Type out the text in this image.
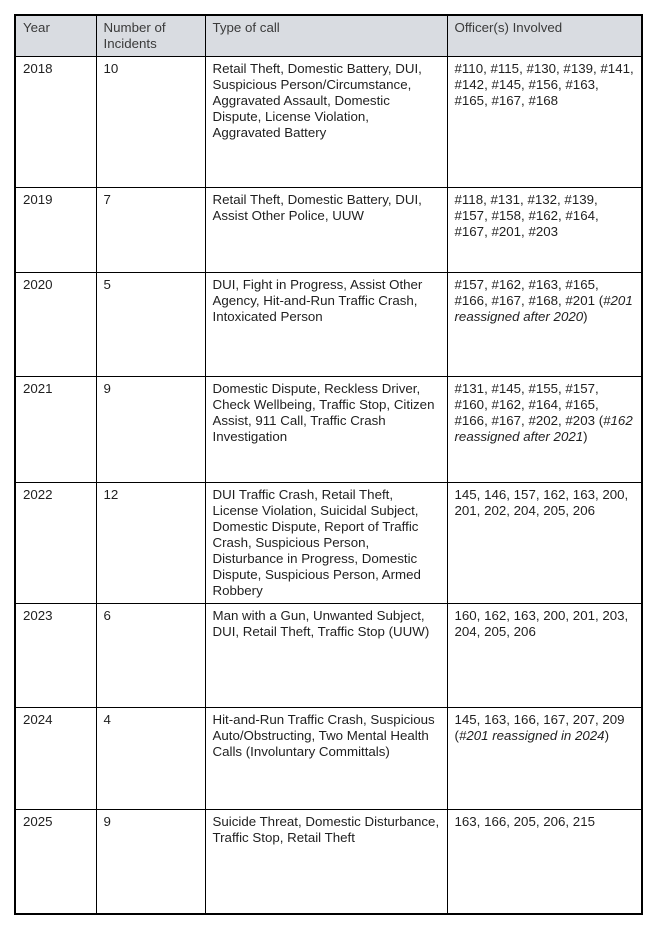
Year	Number of Incidents	Type of call	Officer(s) Involved
2018	10	Retail Theft, Domestic Battery, DUI, Suspicious Person/Circumstance, Aggravated Assault, Domestic Dispute, License Violation, Aggravated Battery	#110, #115, #130, #139, #141, #142, #145, #156, #163, #165, #167, #168
2019	7	Retail Theft, Domestic Battery, DUI, Assist Other Police, UUW	#118, #131, #132, #139, #157, #158, #162, #164, #167, #201, #203
2020	5	DUI, Fight in Progress, Assist Other Agency, Hit-and-Run Traffic Crash, Intoxicated Person	#157, #162, #163, #165, #166, #167, #168, #201 (#201 reassigned after 2020)
2021	9	Domestic Dispute, Reckless Driver, Check Wellbeing, Traffic Stop, Citizen Assist, 911 Call, Traffic Crash Investigation	#131, #145, #155, #157, #160, #162, #164, #165, #166, #167, #202, #203 (#162 reassigned after 2021)
2022	12	DUI Traffic Crash, Retail Theft, License Violation, Suicidal Subject, Domestic Dispute, Report of Traffic Crash, Suspicious Person, Disturbance in Progress, Domestic Dispute, Suspicious Person, Armed Robbery	145, 146, 157, 162, 163, 200, 201, 202, 204, 205, 206
2023	6	Man with a Gun, Unwanted Subject, DUI, Retail Theft, Traffic Stop (UUW)	160, 162, 163, 200, 201, 203, 204, 205, 206
2024	4	Hit-and-Run Traffic Crash, Suspicious Auto/Obstructing, Two Mental Health Calls (Involuntary Committals)	145, 163, 166, 167, 207, 209 (#201 reassigned in 2024)
2025	9	Suicide Threat, Domestic Disturbance, Traffic Stop, Retail Theft	163, 166, 205, 206, 215
